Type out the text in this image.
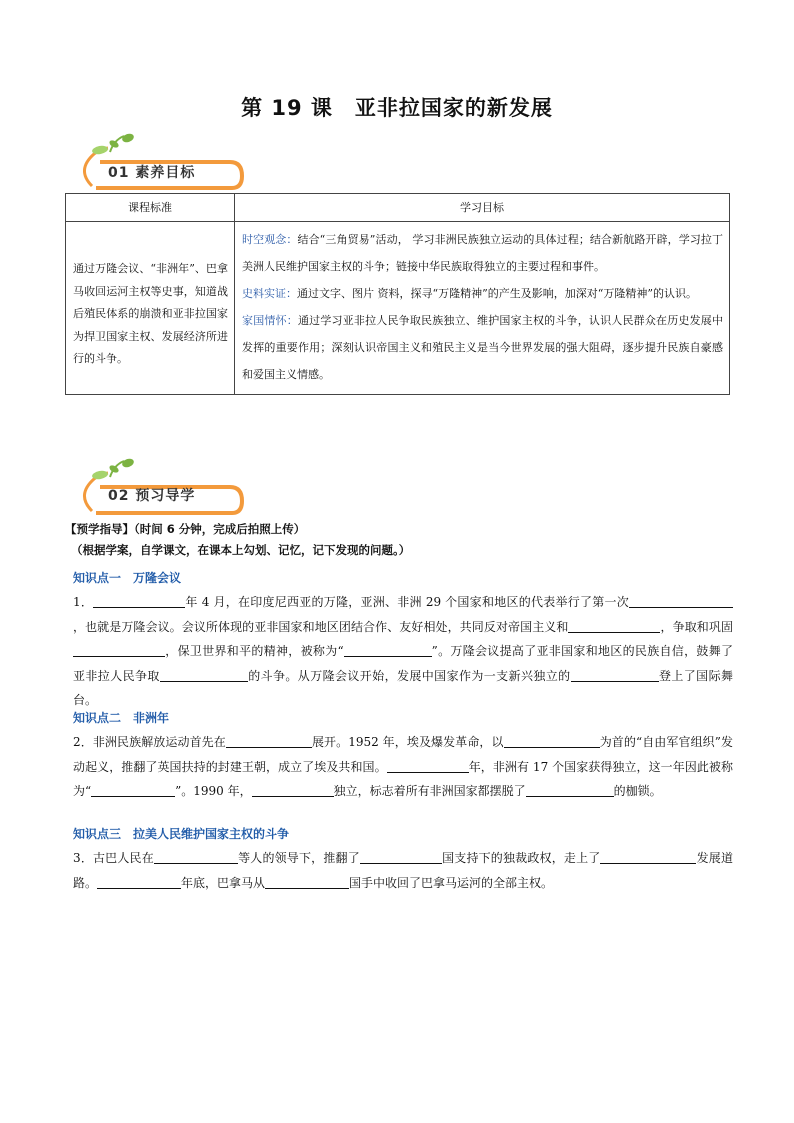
第 19 课　亚非拉国家的新发展
01 素养目标
课程标准	学习目标
通过万隆会议、“非洲年”、巴拿马收回运河主权等史事，知道战后殖民体系的崩溃和亚非拉国家为捍卫国家主权、发展经济所进行的斗争。	时空观念：结合“三角贸易”活动， 学习非洲民族独立运动的具体过程；结合新航路开辟，学习拉丁美洲人民维护国家主权的斗争；链接中华民族取得独立的主要过程和事件。
史料实证：通过文字、图片 资料，探寻“万隆精神”的产生及影响，加深对“万隆精神”的认识。
家国情怀：通过学习亚非拉人民争取民族独立、维护国家主权的斗争，认识人民群众在历史发展中发挥的重要作用；深刻认识帝国主义和殖民主义是当今世界发展的强大阻碍，逐步提升民族自豪感和爱国主义情感。
02 预习导学
【预学指导】（时间 6 分钟，完成后拍照上传）
（根据学案，自学课文，在课本上勾划、记忆，记下发现的问题。）
知识点一　万隆会议
1．	年 4 月，在印度尼西亚的万隆，亚洲、非洲 29 个国家和地区的代表举行了第一次，也就是万隆会议。会议所体现的亚非国家和地区团结合作、友好相处，共同反对帝国主义和	，争取和巩固，保卫世界和平的精神，被称为“	”。万隆会议提高了亚非国家和地区的民族自信，鼓舞了亚非拉人民争取	的斗争。从万隆会议开始，发展中国家作为一支新兴独立的	登上了国际舞台。
知识点二　非洲年
2．非洲民族解放运动首先在	展开。1952 年，埃及爆发革命，以	为首的“自由军官组织”发动起义，推翻了英国扶持的封建王朝，成立了埃及共和国。	年，非洲有 17 个国家获得独立，这一年因此被称为“	”。1990 年，	独立，标志着所有非洲国家都摆脱了	的枷锁。
知识点三　拉美人民维护国家主权的斗争
3．古巴人民在	等人的领导下，推翻了	国支持下的独裁政权，走上了	发展道路。	年底，巴拿马从	国手中收回了巴拿马运河的全部主权。
